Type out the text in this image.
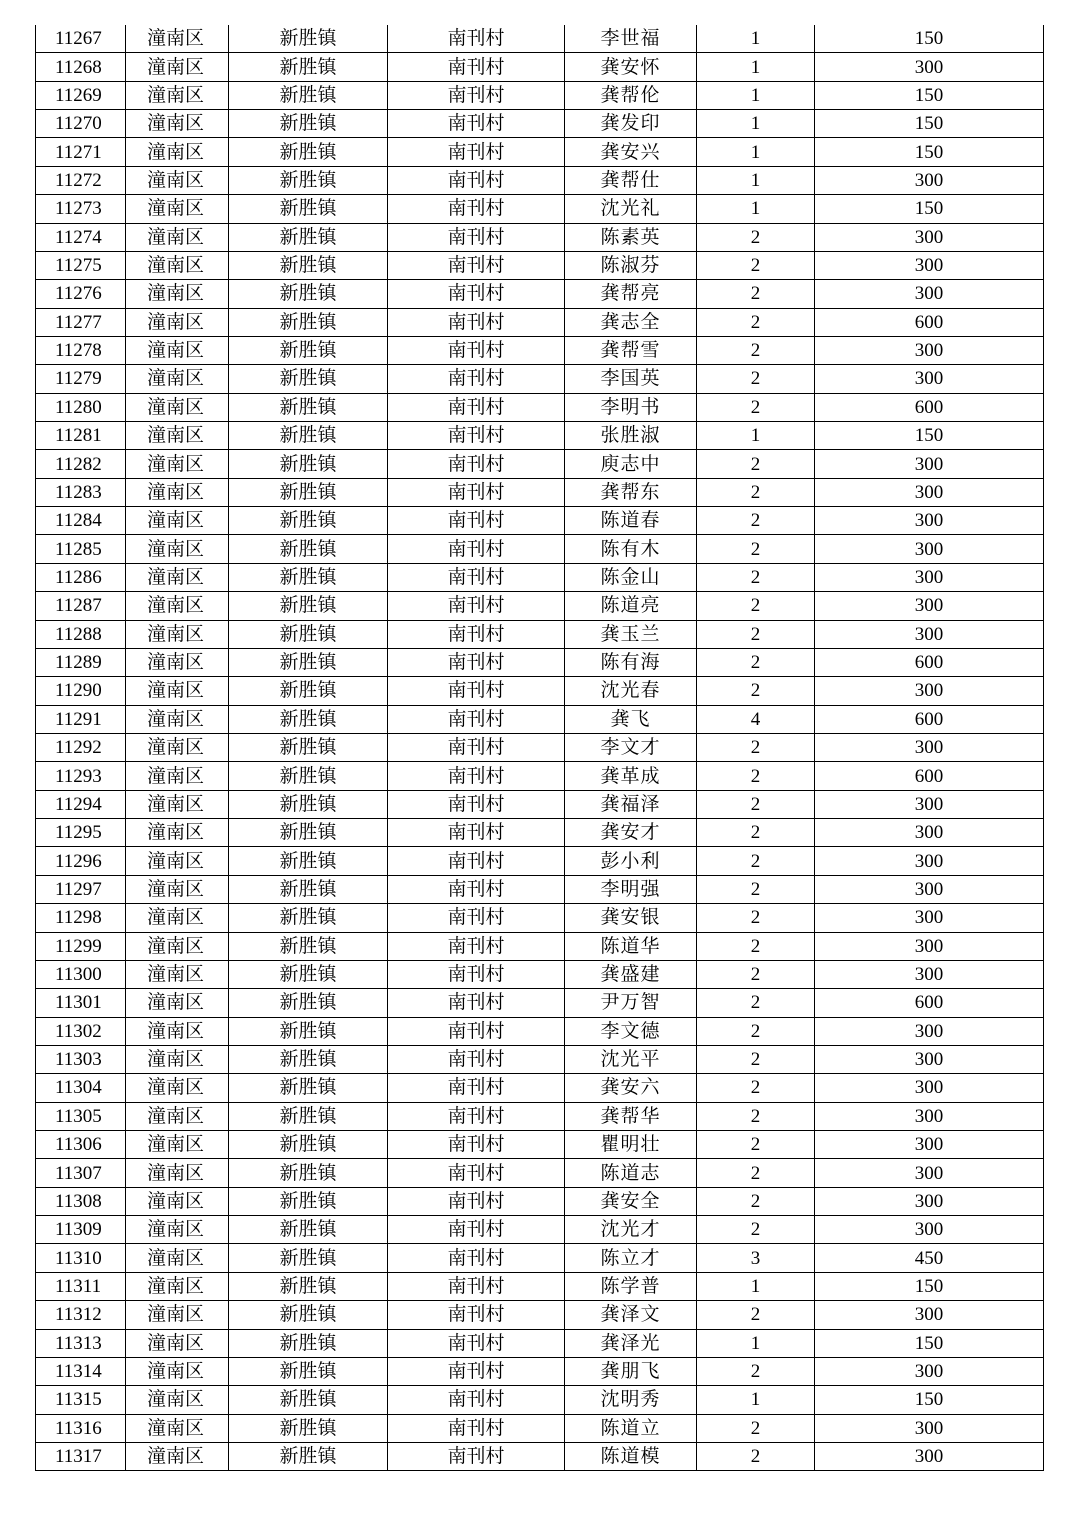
11267	潼南区	新胜镇	南刊村	李世福	1	150
11268	潼南区	新胜镇	南刊村	龚安怀	1	300
11269	潼南区	新胜镇	南刊村	龚帮伦	1	150
11270	潼南区	新胜镇	南刊村	龚发印	1	150
11271	潼南区	新胜镇	南刊村	龚安兴	1	150
11272	潼南区	新胜镇	南刊村	龚帮仕	1	300
11273	潼南区	新胜镇	南刊村	沈光礼	1	150
11274	潼南区	新胜镇	南刊村	陈素英	2	300
11275	潼南区	新胜镇	南刊村	陈淑芬	2	300
11276	潼南区	新胜镇	南刊村	龚帮亮	2	300
11277	潼南区	新胜镇	南刊村	龚志全	2	600
11278	潼南区	新胜镇	南刊村	龚帮雪	2	300
11279	潼南区	新胜镇	南刊村	李国英	2	300
11280	潼南区	新胜镇	南刊村	李明书	2	600
11281	潼南区	新胜镇	南刊村	张胜淑	1	150
11282	潼南区	新胜镇	南刊村	庾志中	2	300
11283	潼南区	新胜镇	南刊村	龚帮东	2	300
11284	潼南区	新胜镇	南刊村	陈道春	2	300
11285	潼南区	新胜镇	南刊村	陈有木	2	300
11286	潼南区	新胜镇	南刊村	陈金山	2	300
11287	潼南区	新胜镇	南刊村	陈道亮	2	300
11288	潼南区	新胜镇	南刊村	龚玉兰	2	300
11289	潼南区	新胜镇	南刊村	陈有海	2	600
11290	潼南区	新胜镇	南刊村	沈光春	2	300
11291	潼南区	新胜镇	南刊村	龚飞	4	600
11292	潼南区	新胜镇	南刊村	李文才	2	300
11293	潼南区	新胜镇	南刊村	龚革成	2	600
11294	潼南区	新胜镇	南刊村	龚福泽	2	300
11295	潼南区	新胜镇	南刊村	龚安才	2	300
11296	潼南区	新胜镇	南刊村	彭小利	2	300
11297	潼南区	新胜镇	南刊村	李明强	2	300
11298	潼南区	新胜镇	南刊村	龚安银	2	300
11299	潼南区	新胜镇	南刊村	陈道华	2	300
11300	潼南区	新胜镇	南刊村	龚盛建	2	300
11301	潼南区	新胜镇	南刊村	尹万智	2	600
11302	潼南区	新胜镇	南刊村	李文德	2	300
11303	潼南区	新胜镇	南刊村	沈光平	2	300
11304	潼南区	新胜镇	南刊村	龚安六	2	300
11305	潼南区	新胜镇	南刊村	龚帮华	2	300
11306	潼南区	新胜镇	南刊村	瞿明壮	2	300
11307	潼南区	新胜镇	南刊村	陈道志	2	300
11308	潼南区	新胜镇	南刊村	龚安全	2	300
11309	潼南区	新胜镇	南刊村	沈光才	2	300
11310	潼南区	新胜镇	南刊村	陈立才	3	450
11311	潼南区	新胜镇	南刊村	陈学普	1	150
11312	潼南区	新胜镇	南刊村	龚泽文	2	300
11313	潼南区	新胜镇	南刊村	龚泽光	1	150
11314	潼南区	新胜镇	南刊村	龚朋飞	2	300
11315	潼南区	新胜镇	南刊村	沈明秀	1	150
11316	潼南区	新胜镇	南刊村	陈道立	2	300
11317	潼南区	新胜镇	南刊村	陈道模	2	300
